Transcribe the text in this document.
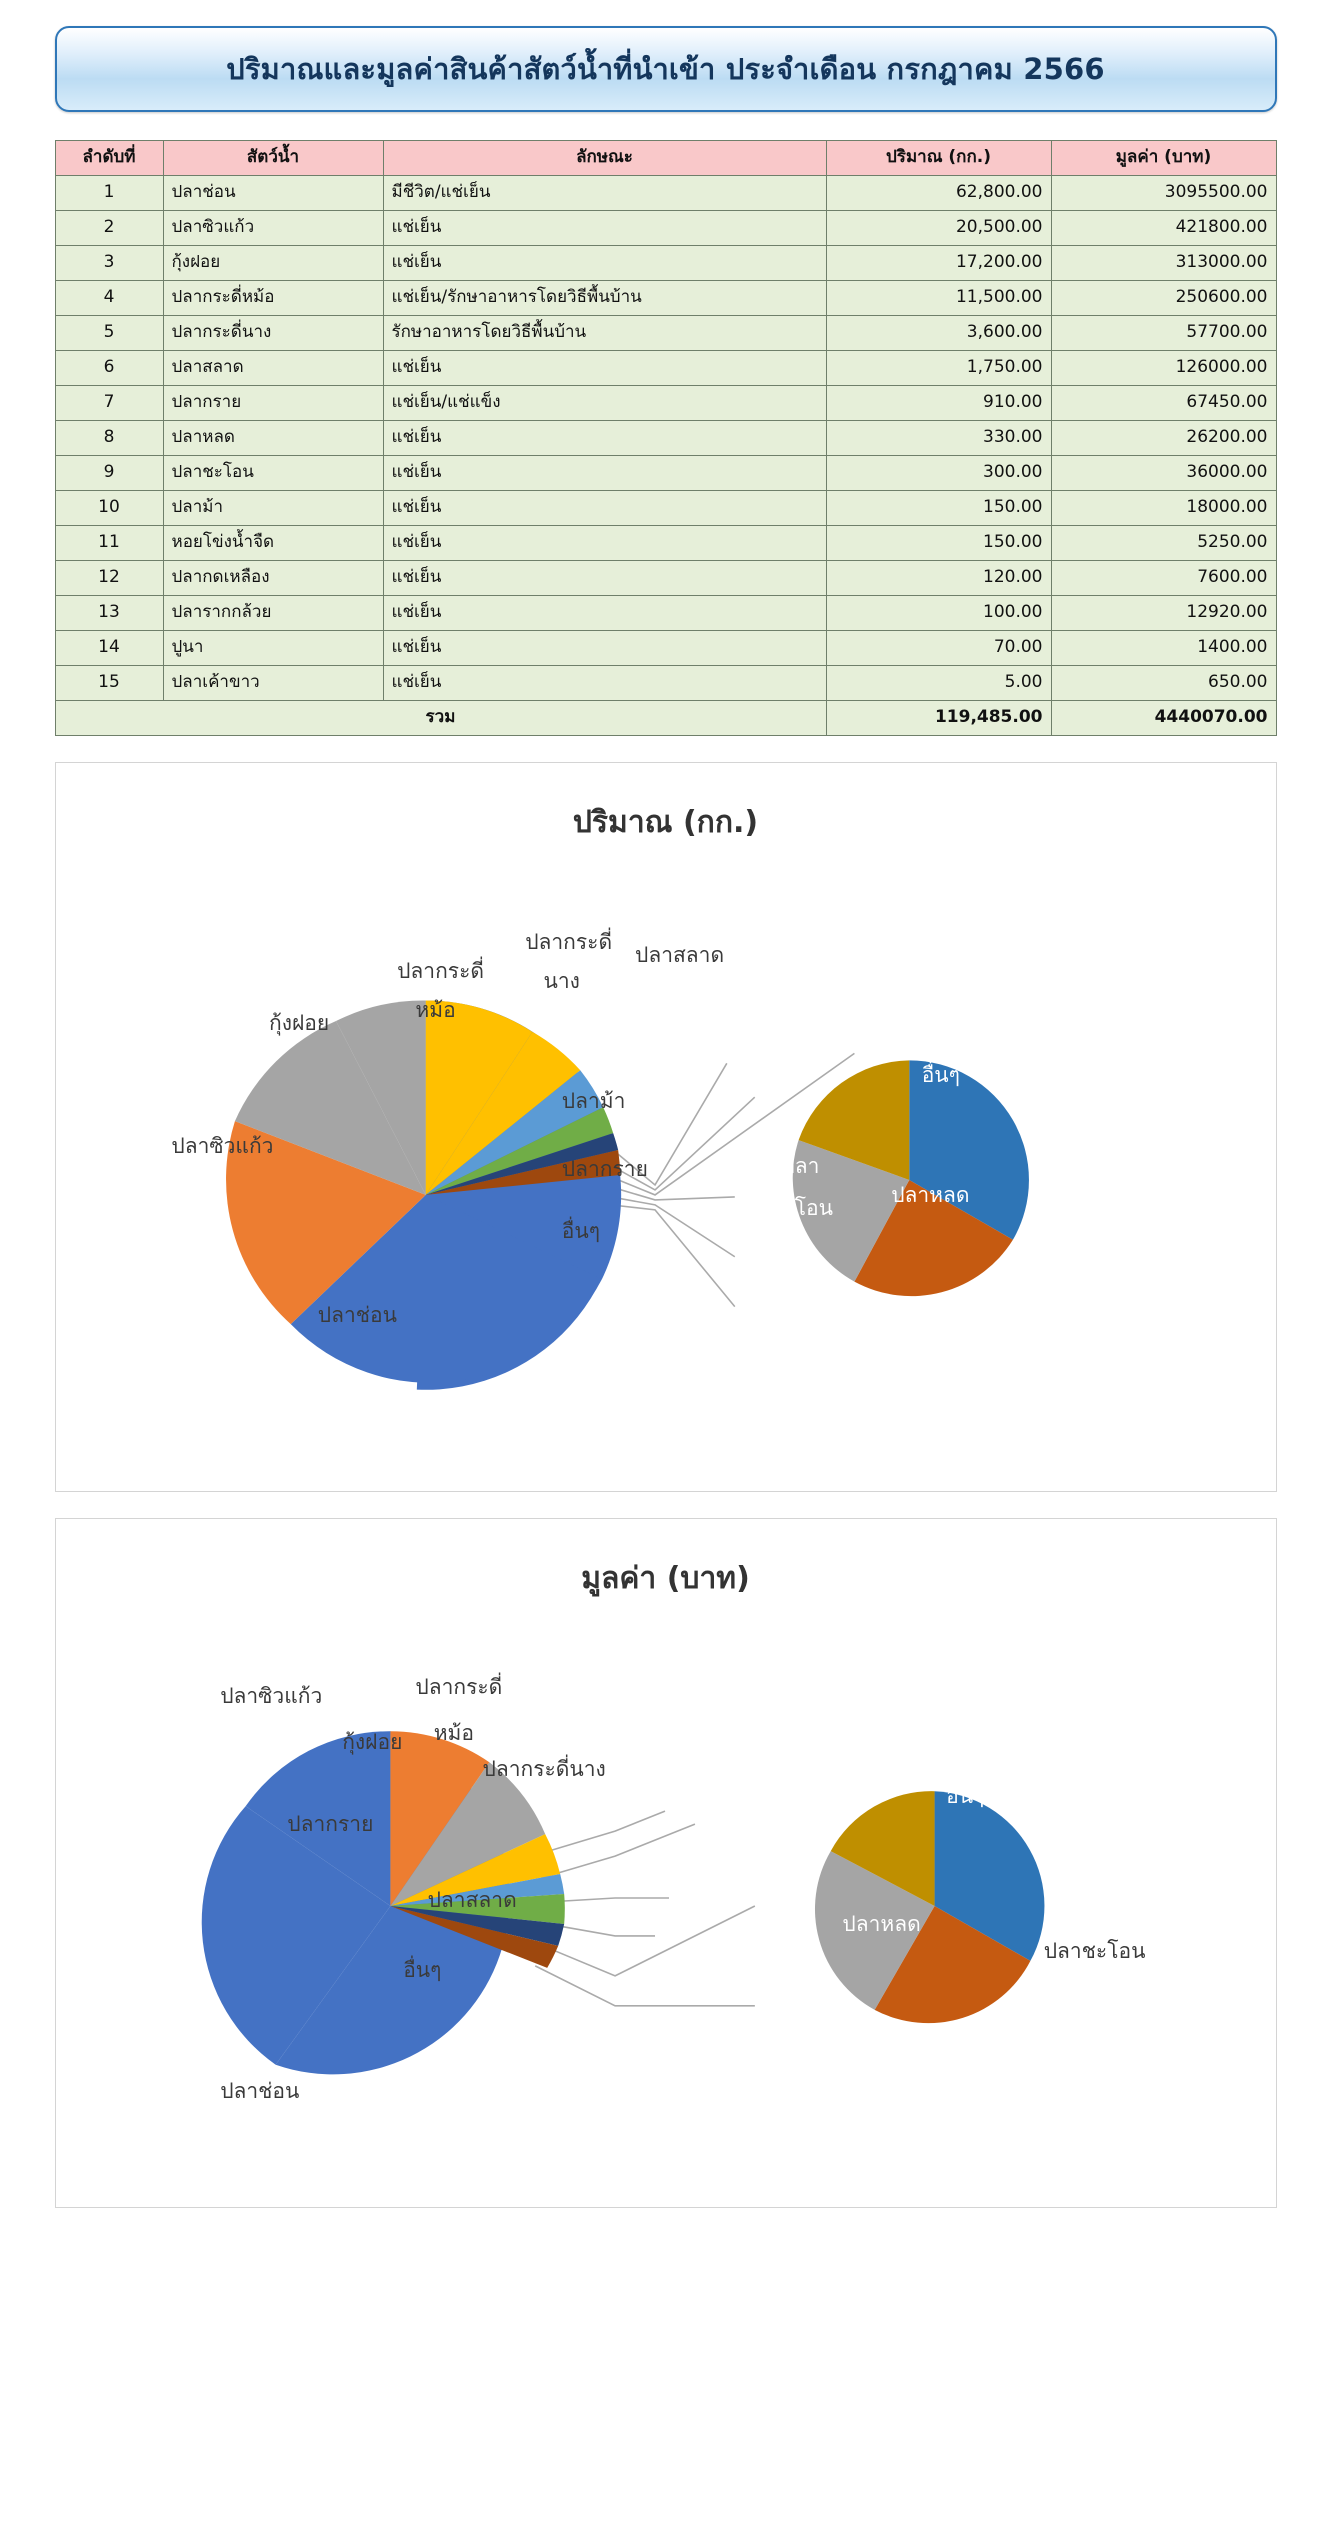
ปริมาณและมูลค่าสินค้าสัตว์น้ำที่นำเข้า ประจำเดือน กรกฎาคม 2566
ลำดับที่	สัตว์น้ำ	ลักษณะ	ปริมาณ (กก.)	มูลค่า (บาท)
1	ปลาช่อน	มีชีวิต/แช่เย็น	62,800.00	3095500.00
2	ปลาซิวแก้ว	แช่เย็น	20,500.00	421800.00
3	กุ้งฝอย	แช่เย็น	17,200.00	313000.00
4	ปลากระดี่หม้อ	แช่เย็น/รักษาอาหารโดยวิธีพื้นบ้าน	11,500.00	250600.00
5	ปลากระดี่นาง	รักษาอาหารโดยวิธีพื้นบ้าน	3,600.00	57700.00
6	ปลาสลาด	แช่เย็น	1,750.00	126000.00
7	ปลากราย	แช่เย็น/แช่แข็ง	910.00	67450.00
8	ปลาหลด	แช่เย็น	330.00	26200.00
9	ปลาชะโอน	แช่เย็น	300.00	36000.00
10	ปลาม้า	แช่เย็น	150.00	18000.00
11	หอยโข่งน้ำจืด	แช่เย็น	150.00	5250.00
12	ปลากดเหลือง	แช่เย็น	120.00	7600.00
13	ปลารากกล้วย	แช่เย็น	100.00	12920.00
14	ปูนา	แช่เย็น	70.00	1400.00
15	ปลาเค้าขาว	แช่เย็น	5.00	650.00
รวม			119,485.00	4440070.00
ปริมาณ (กก.)
ปลาช่อน
ปลาซิวแก้ว
กุ้งฝอย
ปลากระดี่
หม้อ
ปลากระดี่
นาง
ปลาสลาด
ปลาม้า
ปลากราย
อื่นๆ
อื่นๆ
ปลาหลด
ปลา
ชะโอน
มูลค่า (บาท)
ปลาช่อน
ปลาซิวแก้ว
กุ้งฝอย
ปลากระดี่
หม้อ
ปลากระดี่นาง
ปลาสลาด
ปลากราย
อื่นๆ
อื่นๆ
ปลาชะโอน
ปลาหลด
ปลาม้า
